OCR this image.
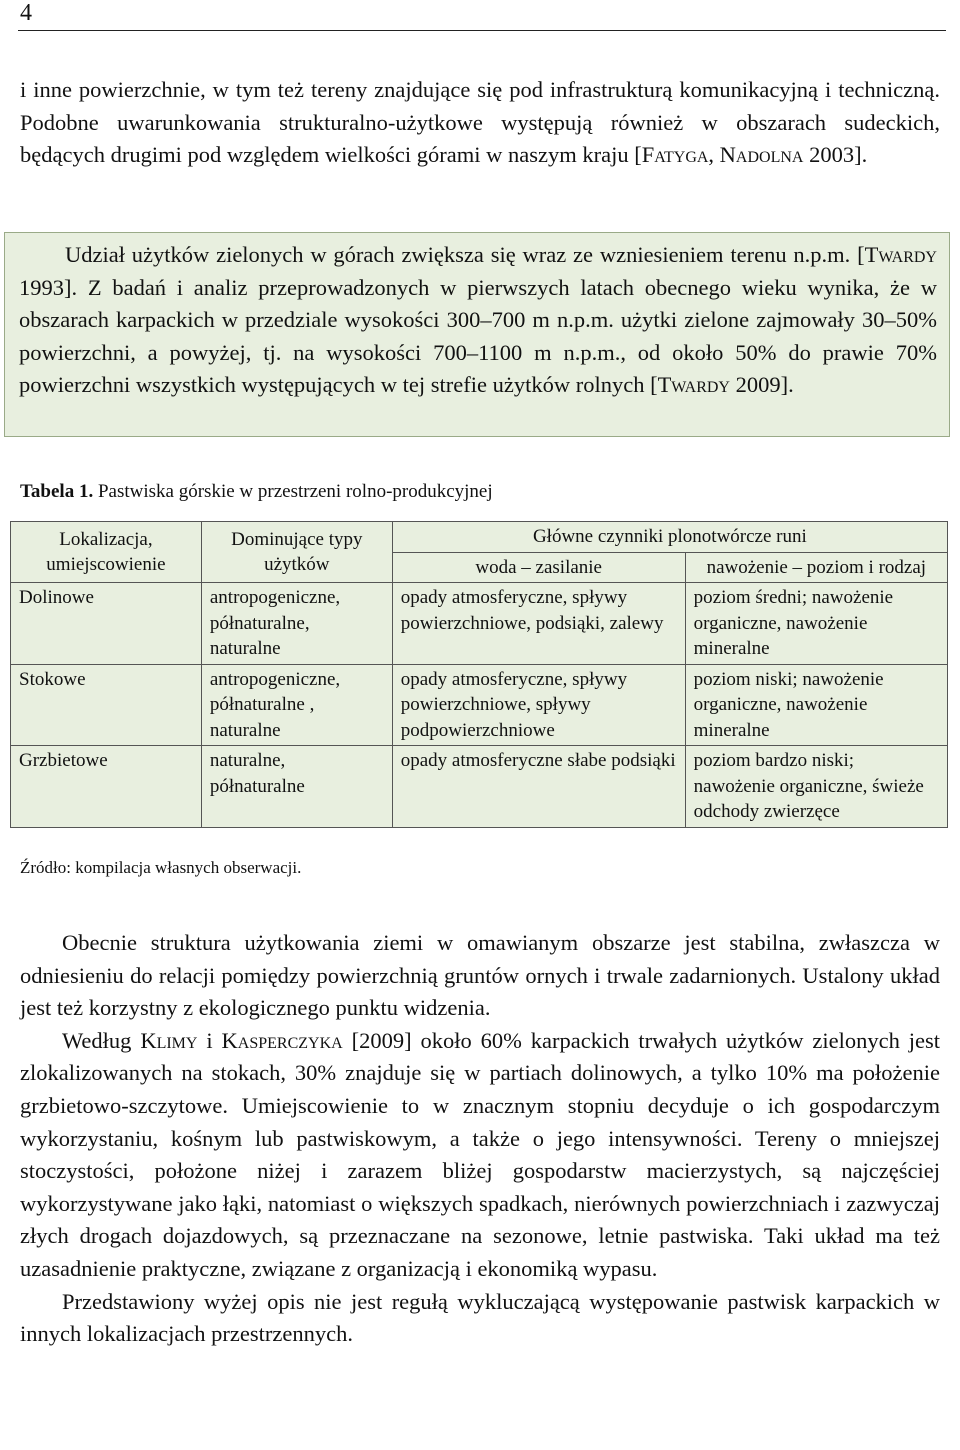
4

i inne powierzchnie, w tym też tereny znajdujące się pod infrastrukturą komunikacyjną i techniczną. Podobne uwarunkowania strukturalno-użytkowe występują również w obszarach sudeckich, będących drugimi pod względem wielkości górami w naszym kraju [Fatyga, Nadolna 2003].

Udział użytków zielonych w górach zwiększa się wraz ze wzniesieniem terenu n.p.m. [Twardy 1993]. Z badań i analiz przeprowadzonych w pierwszych latach obecnego wieku wynika, że w obszarach karpackich w przedziale wysokości 300–700 m n.p.m. użytki zielone zajmowały 30–50% powierzchni, a powyżej, tj. na wysokości 700–1100 m n.p.m., od około 50% do prawie 70% powierzchni wszystkich występujących w tej strefie użytków rolnych [Twardy 2009].

Tabela 1. Pastwiska górskie w przestrzeni rolno-produkcyjnej
Lokalizacja, umiejscowienie	Dominujące typy użytków	Główne czynniki plonotwórcze runi	
		woda – zasilanie	nawożenie – poziom i rodzaj
Dolinowe	antropogeniczne, półnaturalne, naturalne	opady atmosferyczne, spływy powierzchniowe, podsiąki, zalewy	poziom średni; nawożenie organiczne, nawożenie mineralne
Stokowe	antropogeniczne, półnaturalne , naturalne	opady atmosferyczne, spływy powierzchniowe, spływy podpowierzchniowe	poziom niski; nawożenie organiczne, nawożenie mineralne
Grzbietowe	naturalne, półnaturalne	opady atmosferyczne słabe podsiąki	poziom bardzo niski; nawożenie organiczne, świeże odchody zwierzęce
Źródło: kompilacja własnych obserwacji.

Obecnie struktura użytkowania ziemi w omawianym obszarze jest stabilna, zwłaszcza w odniesieniu do relacji pomiędzy powierzchnią gruntów ornych i trwale zadarnionych. Ustalony układ jest też korzystny z ekologicznego punktu widzenia.

Według Klimy i Kasperczyka [2009] około 60% karpackich trwałych użytków zielonych jest zlokalizowanych na stokach, 30% znajduje się w partiach dolinowych, a tylko 10% ma położenie grzbietowo-szczytowe. Umiejscowienie to w znacznym stopniu decyduje o ich gospodarczym wykorzystaniu, kośnym lub pastwiskowym, a także o jego intensywności. Tereny o mniejszej stoczystości, położone niżej i zarazem bliżej gospodarstw macierzystych, są najczęściej wykorzystywane jako łąki, natomiast o większych spadkach, nierównych powierzchniach i zazwyczaj złych drogach dojazdowych, są przeznaczane na sezonowe, letnie pastwiska. Taki układ ma też uzasadnienie praktyczne, związane z organizacją i ekonomiką wypasu.

Przedstawiony wyżej opis nie jest regułą wykluczającą występowanie pastwisk karpackich w innych lokalizacjach przestrzennych.
